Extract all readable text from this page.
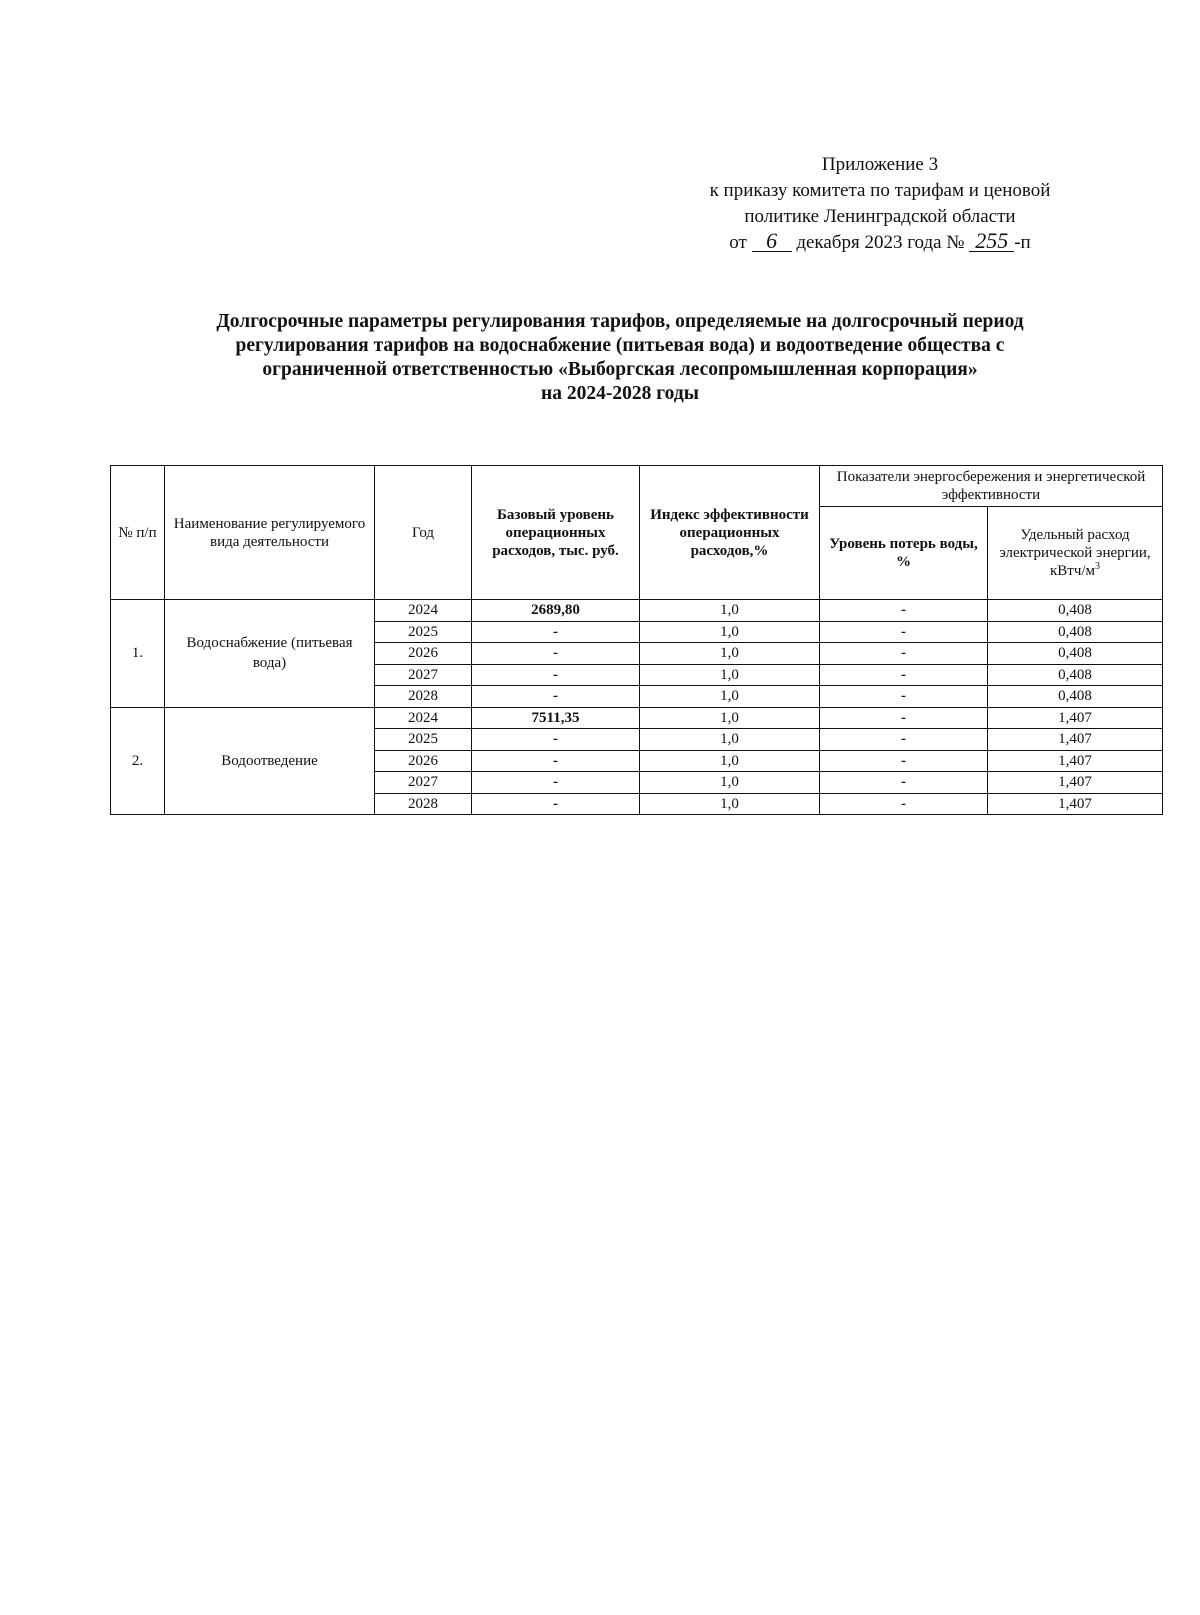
Приложение 3
к приказу комитета по тарифам и ценовой
политике Ленинградской области
от 6 декабря 2023 года № 255 -п
Долгосрочные параметры регулирования тарифов, определяемые на долгосрочный период
регулирования тарифов на водоснабжение (питьевая вода) и водоотведение общества с
ограниченной ответственностью «Выборгская лесопромышленная корпорация»
на 2024-2028 годы
№ п/п	Наименование регулируемого вида деятельности	Год	Базовый уровень операционных расходов, тыс. руб.	Индекс эффективности операционных расходов,%	Показатели энергосбережения и энергетической эффективности	
					Уровень потерь воды, %	Удельный расход электрической энергии, кВтч/$м^3$
1.	Водоснабжение (питьевая вода)	2024	2689,80	1,0	-	0,408
		2025	-	1,0	-	0,408
		2026	-	1,0	-	0,408
		2027	-	1,0	-	0,408
		2028	-	1,0	-	0,408
2.	Водоотведение	2024	7511,35	1,0	-	1,407
		2025	-	1,0	-	1,407
		2026	-	1,0	-	1,407
		2027	-	1,0	-	1,407
		2028	-	1,0	-	1,407
